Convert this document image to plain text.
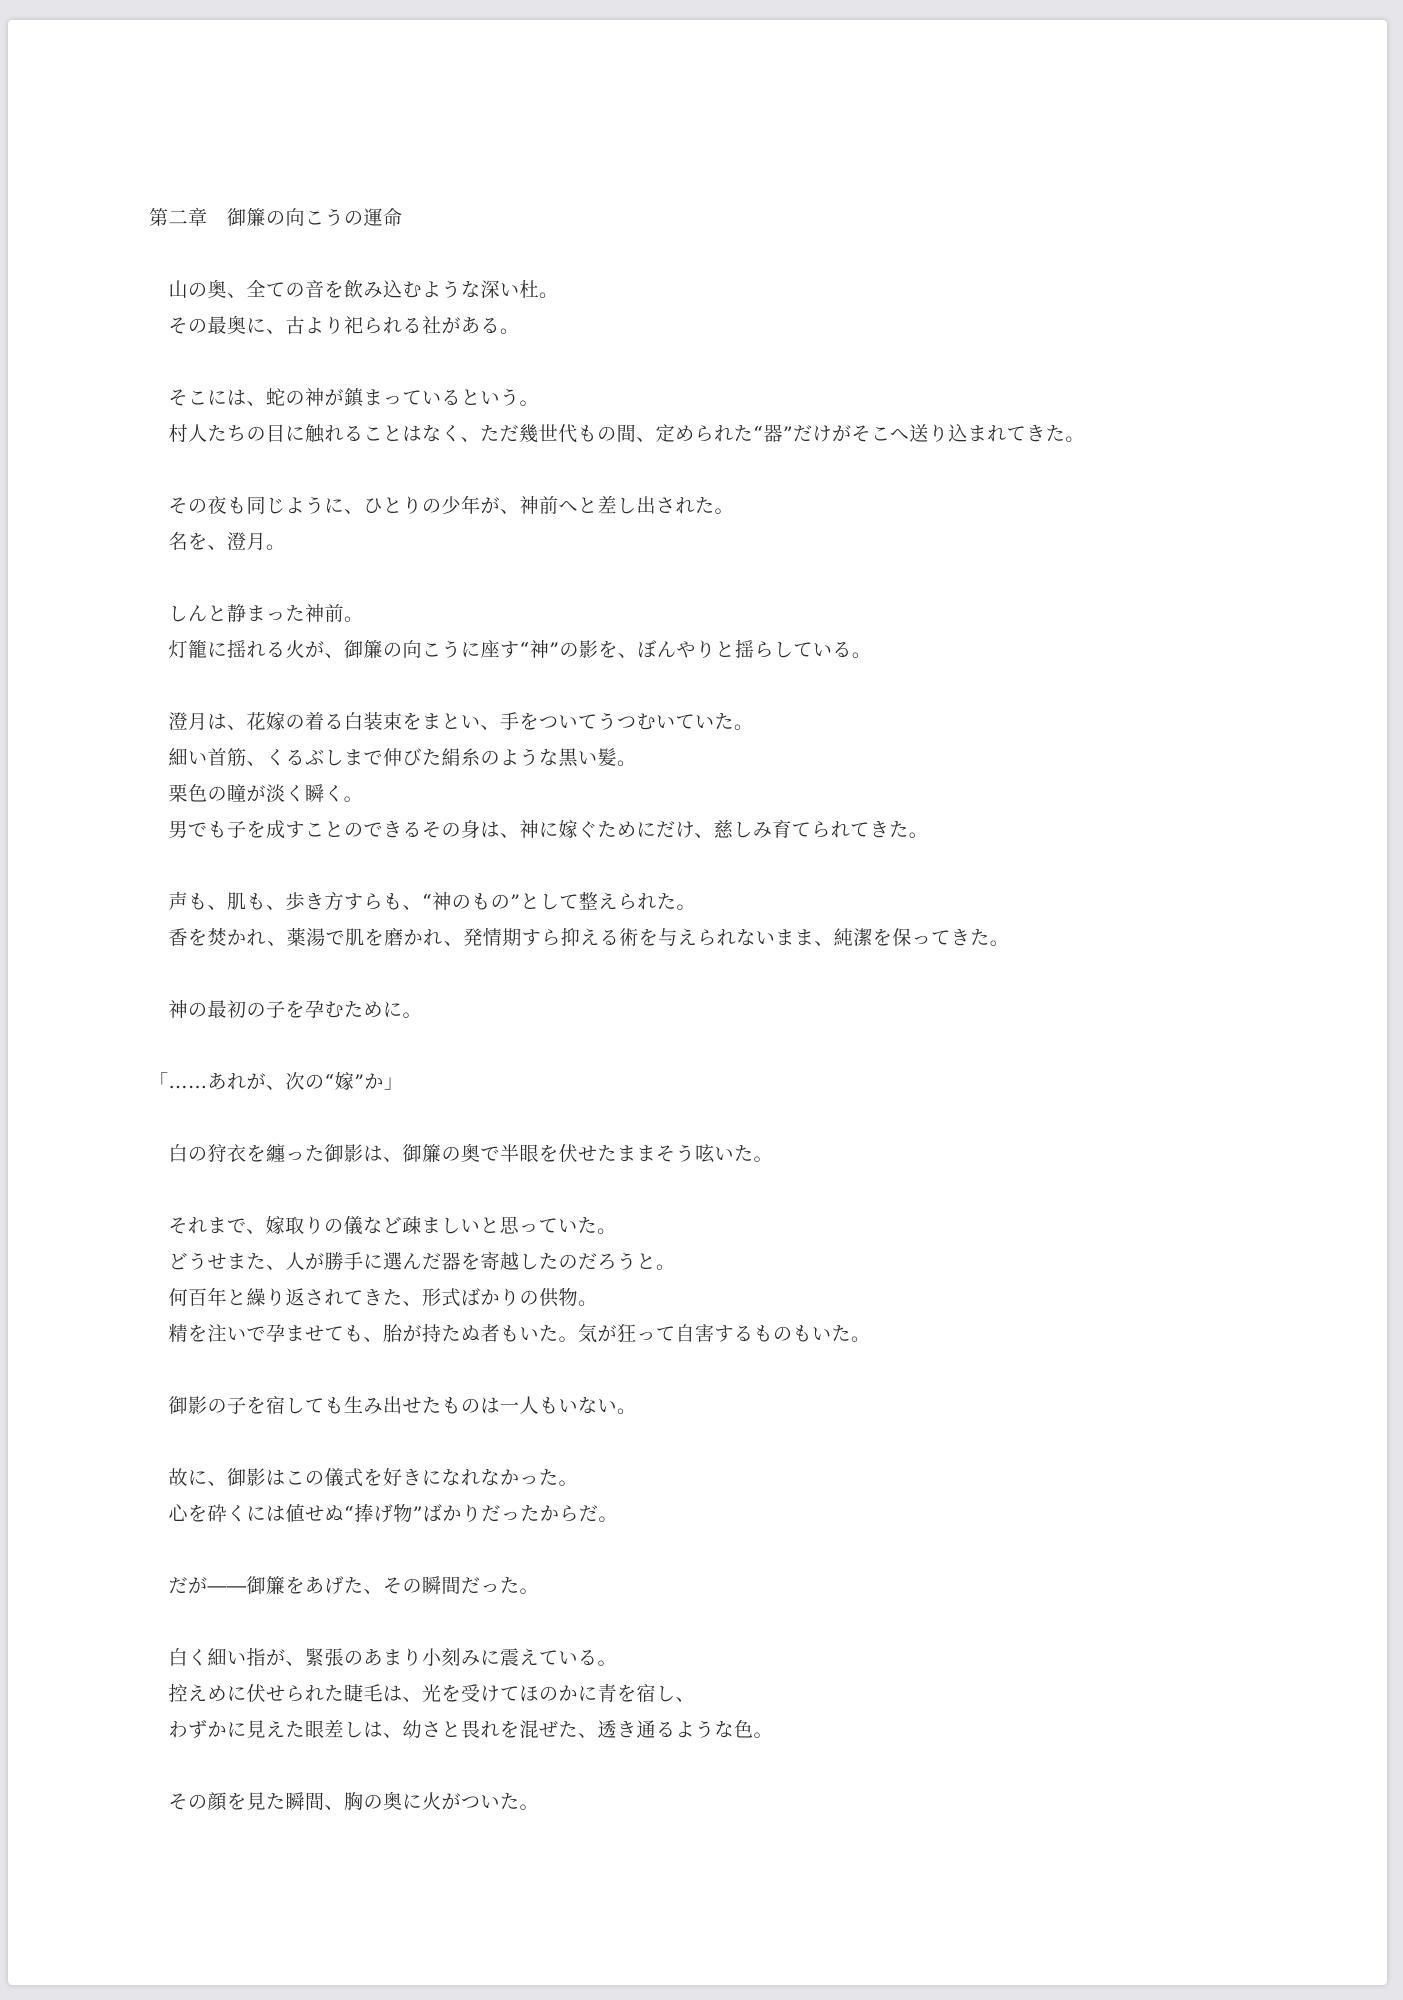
第二章　御簾の向こうの運命
　山の奥、全ての音を飲み込むような深い杜。
　その最奥に、古より祀られる社がある。
　そこには、蛇の神が鎮まっているという。
　村人たちの目に触れることはなく、ただ幾世代もの間、定められた“器”だけがそこへ送り込まれてきた。
　その夜も同じように、ひとりの少年が、神前へと差し出された。
　名を、澄月。
　しんと静まった神前。
　灯籠に揺れる火が、御簾の向こうに座す“神”の影を、ぼんやりと揺らしている。
　澄月は、花嫁の着る白装束をまとい、手をついてうつむいていた。
　細い首筋、くるぶしまで伸びた絹糸のような黒い髪。
　栗色の瞳が淡く瞬く。
　男でも子を成すことのできるその身は、神に嫁ぐためにだけ、慈しみ育てられてきた。
　声も、肌も、歩き方すらも、“神のもの”として整えられた。
　香を焚かれ、薬湯で肌を磨かれ、発情期すら抑える術を与えられないまま、純潔を保ってきた。
　神の最初の子を孕むために。
「……あれが、次の“嫁”か」
　白の狩衣を纏った御影は、御簾の奥で半眼を伏せたままそう呟いた。
　それまで、嫁取りの儀など疎ましいと思っていた。
　どうせまた、人が勝手に選んだ器を寄越したのだろうと。
　何百年と繰り返されてきた、形式ばかりの供物。
　精を注いで孕ませても、胎が持たぬ者もいた。気が狂って自害するものもいた。
　御影の子を宿しても生み出せたものは一人もいない。
　故に、御影はこの儀式を好きになれなかった。
　心を砕くには値せぬ“捧げ物”ばかりだったからだ。
　だが――御簾をあげた、その瞬間だった。
　白く細い指が、緊張のあまり小刻みに震えている。
　控えめに伏せられた睫毛は、光を受けてほのかに青を宿し、
　わずかに見えた眼差しは、幼さと畏れを混ぜた、透き通るような色。
　その顔を見た瞬間、胸の奥に火がついた。
